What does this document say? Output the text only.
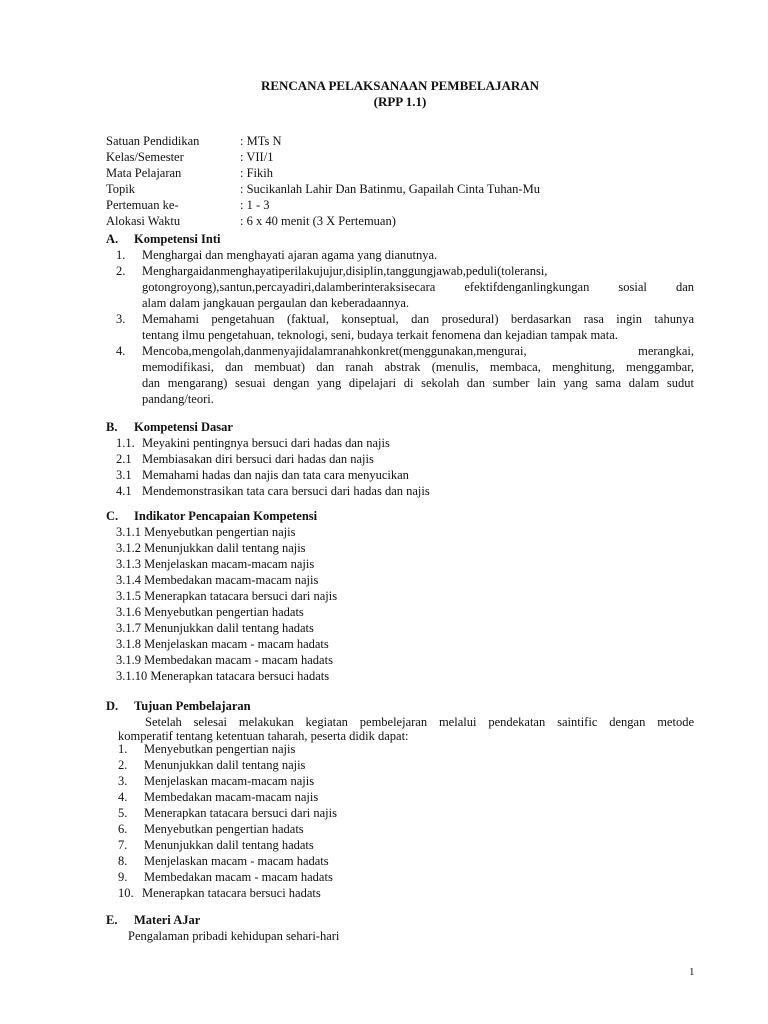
RENCANA PELAKSANAAN PEMBELAJARAN
(RPP 1.1)
Satuan Pendidikan	: MTs N
Kelas/Semester	: VII/1
Mata Pelajaran	: Fikih
Topik	: Sucikanlah Lahir Dan Batinmu, Gapailah Cinta Tuhan-Mu
Pertemuan ke-	: 1 - 3
Alokasi Waktu	: 6 x 40 menit (3 X Pertemuan)
A. Kompetensi Inti
1. Menghargai dan menghayati ajaran agama yang dianutnya.
2. Menghargaidanmenghayatiperilakujujur,disiplin,tanggungjawab,peduli(toleransi,
gotongroyong),santun,percayadiri,dalamberinteraksisecara efektifdenganlingkungan sosial dan
alam dalam jangkauan pergaulan dan keberadaannya.
3. Memahami pengetahuan (faktual, konseptual, dan prosedural) berdasarkan rasa ingin tahunya
tentang ilmu pengetahuan, teknologi, seni, budaya terkait fenomena dan kejadian tampak mata.
4. Mencoba,mengolah,danmenyajidalamranahkonkret(menggunakan,mengurai, merangkai,
memodifikasi, dan membuat) dan ranah abstrak (menulis, membaca, menghitung, menggambar,
dan mengarang) sesuai dengan yang dipelajari di sekolah dan sumber lain yang sama dalam sudut
pandang/teori.
B. Kompetensi Dasar
1.1. Meyakini pentingnya bersuci dari hadas dan najis
2.1 Membiasakan diri bersuci dari hadas dan najis
3.1 Memahami hadas dan najis dan tata cara menyucikan
4.1 Mendemonstrasikan tata cara bersuci dari hadas dan najis
C. Indikator Pencapaian Kompetensi
3.1.1 Menyebutkan pengertian najis
3.1.2 Menunjukkan dalil tentang najis
3.1.3 Menjelaskan macam-macam najis
3.1.4 Membedakan macam-macam najis
3.1.5 Menerapkan tatacara bersuci dari najis
3.1.6 Menyebutkan pengertian hadats
3.1.7 Menunjukkan dalil tentang hadats
3.1.8 Menjelaskan macam - macam hadats
3.1.9 Membedakan macam - macam hadats
3.1.10 Menerapkan tatacara bersuci hadats
D. Tujuan Pembelajaran
Setelah selesai melakukan kegiatan pembelejaran melalui pendekatan saintific dengan metode
komperatif tentang ketentuan taharah, peserta didik dapat:
1. Menyebutkan pengertian najis
2. Menunjukkan dalil tentang najis
3. Menjelaskan macam-macam najis
4. Membedakan macam-macam najis
5. Menerapkan tatacara bersuci dari najis
6. Menyebutkan pengertian hadats
7. Menunjukkan dalil tentang hadats
8. Menjelaskan macam - macam hadats
9. Membedakan macam - macam hadats
10. Menerapkan tatacara bersuci hadats
E. Materi AJar
Pengalaman pribadi kehidupan sehari-hari
1
